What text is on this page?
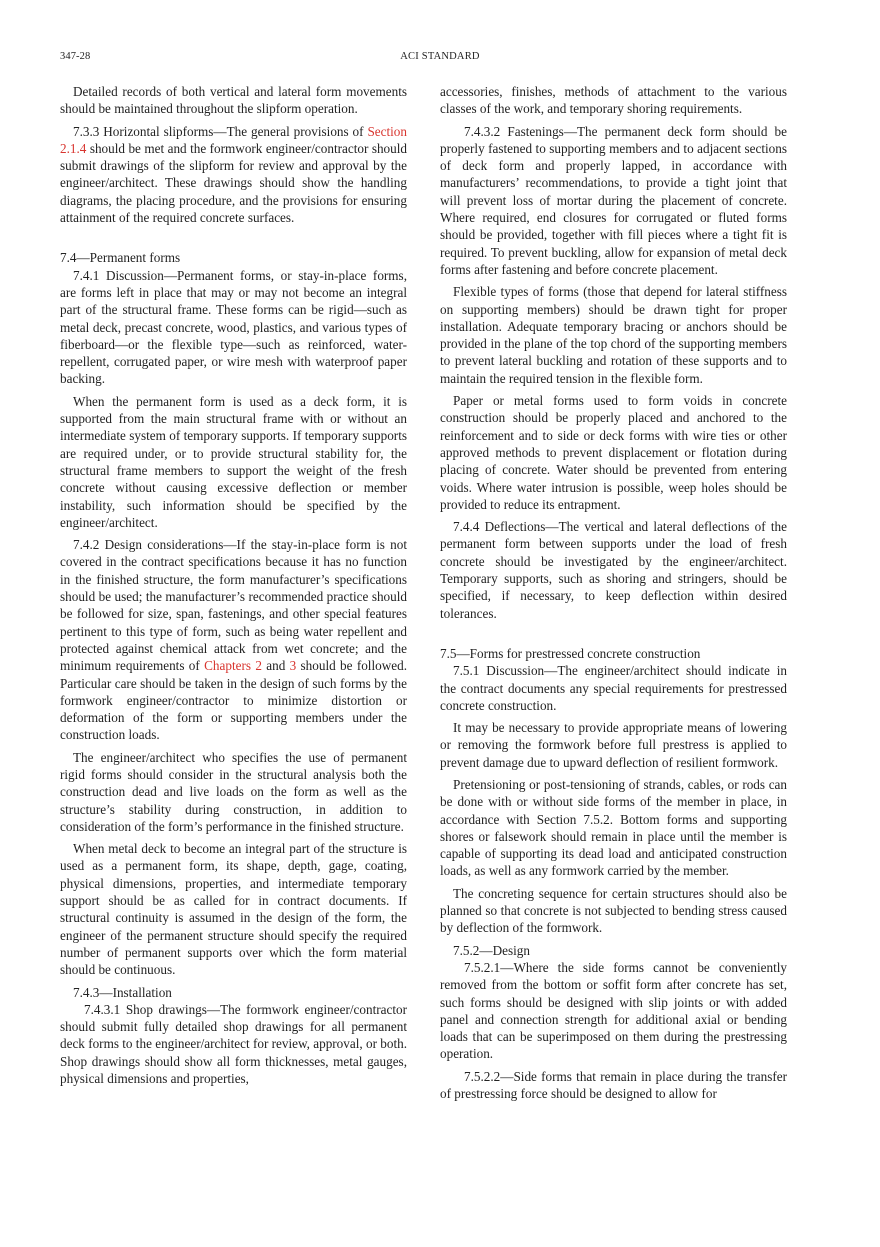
347-28	ACI STANDARD

Detailed records of both vertical and lateral form movements should be maintained throughout the slipform operation.

7.3.3 Horizontal slipforms—The general provisions of Section 2.1.4 should be met and the formwork engineer/contractor should submit drawings of the slipform for review and approval by the engineer/architect. These drawings should show the handling diagrams, the placing procedure, and the provisions for ensuring attainment of the required concrete surfaces.

7.4—Permanent forms

7.4.1 Discussion—Permanent forms, or stay-in-place forms, are forms left in place that may or may not become an integral part of the structural frame. These forms can be rigid—such as metal deck, precast concrete, wood, plastics, and various types of fiberboard—or the flexible type—such as reinforced, water-repellent, corrugated paper, or wire mesh with waterproof paper backing.

When the permanent form is used as a deck form, it is supported from the main structural frame with or without an intermediate system of temporary supports. If temporary supports are required under, or to provide structural stability for, the structural frame members to support the weight of the fresh concrete without causing excessive deflection or member instability, such information should be specified by the engineer/architect.

7.4.2 Design considerations—If the stay-in-place form is not covered in the contract specifications because it has no function in the finished structure, the form manufacturer’s specifications should be used; the manufacturer’s recommended practice should be followed for size, span, fastenings, and other special features pertinent to this type of form, such as being water repellent and protected against chemical attack from wet concrete; and the minimum requirements of Chapters 2 and 3 should be followed. Particular care should be taken in the design of such forms by the formwork engineer/contractor to minimize distortion or deformation of the form or supporting members under the construction loads.

The engineer/architect who specifies the use of permanent rigid forms should consider in the structural analysis both the construction dead and live loads on the form as well as the structure’s stability during construction, in addition to consideration of the form’s performance in the finished structure.

When metal deck to become an integral part of the structure is used as a permanent form, its shape, depth, gage, coating, physical dimensions, properties, and intermediate temporary support should be as called for in contract documents. If structural continuity is assumed in the design of the form, the engineer of the permanent structure should specify the required number of permanent supports over which the form material should be continuous.

7.4.3—Installation

7.4.3.1 Shop drawings—The formwork engineer/contractor should submit fully detailed shop drawings for all permanent deck forms to the engineer/architect for review, approval, or both. Shop drawings should show all form thicknesses, metal gauges, physical dimensions and properties,

accessories, finishes, methods of attachment to the various classes of the work, and temporary shoring requirements.

7.4.3.2 Fastenings—The permanent deck form should be properly fastened to supporting members and to adjacent sections of deck form and properly lapped, in accordance with manufacturers’ recommendations, to provide a tight joint that will prevent loss of mortar during the placement of concrete. Where required, end closures for corrugated or fluted forms should be provided, together with fill pieces where a tight fit is required. To prevent buckling, allow for expansion of metal deck forms after fastening and before concrete placement.

Flexible types of forms (those that depend for lateral stiffness on supporting members) should be drawn tight for proper installation. Adequate temporary bracing or anchors should be provided in the plane of the top chord of the supporting members to prevent lateral buckling and rotation of these supports and to maintain the required tension in the flexible form.

Paper or metal forms used to form voids in concrete construction should be properly placed and anchored to the reinforcement and to side or deck forms with wire ties or other approved methods to prevent displacement or flotation during placing of concrete. Water should be prevented from entering voids. Where water intrusion is possible, weep holes should be provided to reduce its entrapment.

7.4.4 Deflections—The vertical and lateral deflections of the permanent form between supports under the load of fresh concrete should be investigated by the engineer/architect. Temporary supports, such as shoring and stringers, should be specified, if necessary, to keep deflection within desired tolerances.

7.5—Forms for prestressed concrete construction

7.5.1 Discussion—The engineer/architect should indicate in the contract documents any special requirements for prestressed concrete construction.

It may be necessary to provide appropriate means of lowering or removing the formwork before full prestress is applied to prevent damage due to upward deflection of resilient formwork.

Pretensioning or post-tensioning of strands, cables, or rods can be done with or without side forms of the member in place, in accordance with Section 7.5.2. Bottom forms and supporting shores or falsework should remain in place until the member is capable of supporting its dead load and anticipated construction loads, as well as any formwork carried by the member.

The concreting sequence for certain structures should also be planned so that concrete is not subjected to bending stress caused by deflection of the formwork.

7.5.2—Design

7.5.2.1—Where the side forms cannot be conveniently removed from the bottom or soffit form after concrete has set, such forms should be designed with slip joints or with added panel and connection strength for additional axial or bending loads that can be superimposed on them during the prestressing operation.

7.5.2.2—Side forms that remain in place during the transfer of prestressing force should be designed to allow for
